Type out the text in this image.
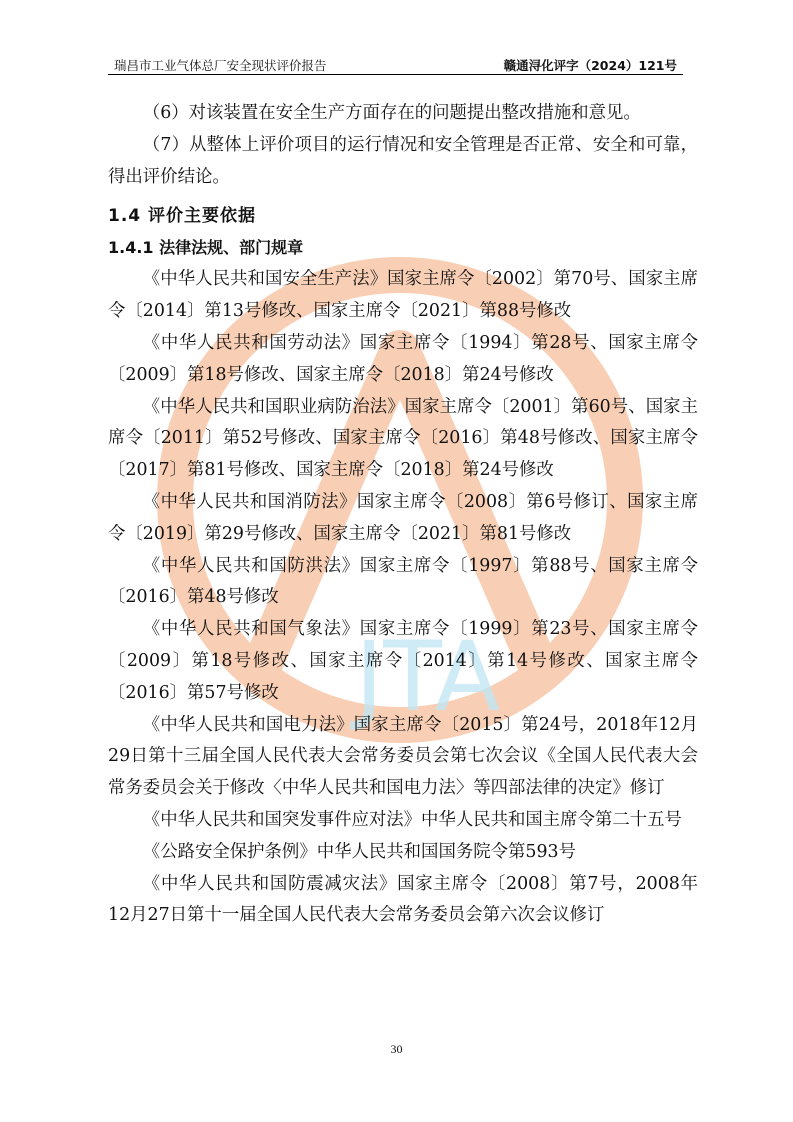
瑞昌市工业气体总厂安全现状评价报告	赣通浔化评字（2024）121号
JTA

（6）对该装置在安全生产方面存在的问题提出整改措施和意见。

（7）从整体上评价项目的运行情况和安全管理是否正常、安全和可靠，得出评价结论。

1.4 评价主要依据

1.4.1 法律法规、部门规章

《中华人民共和国安全生产法》国家主席令〔2002〕第70号、国家主席令〔2014〕第13号修改、国家主席令〔2021〕第88号修改

《中华人民共和国劳动法》国家主席令〔1994〕第28号、国家主席令〔2009〕第18号修改、国家主席令〔2018〕第24号修改

《中华人民共和国职业病防治法》国家主席令〔2001〕第60号、国家主席令〔2011〕第52号修改、国家主席令〔2016〕第48号修改、国家主席令〔2017〕第81号修改、国家主席令〔2018〕第24号修改

《中华人民共和国消防法》国家主席令〔2008〕第6号修订、国家主席令〔2019〕第29号修改、国家主席令〔2021〕第81号修改

《中华人民共和国防洪法》国家主席令〔1997〕第88号、国家主席令〔2016〕第48号修改

《中华人民共和国气象法》国家主席令〔1999〕第23号、国家主席令〔2009〕第18号修改、国家主席令〔2014〕第14号修改、国家主席令〔2016〕第57号修改

《中华人民共和国电力法》国家主席令〔2015〕第24号，2018年12月29日第十三届全国人民代表大会常务委员会第七次会议《全国人民代表大会常务委员会关于修改〈中华人民共和国电力法〉等四部法律的决定》修订

《中华人民共和国突发事件应对法》中华人民共和国主席令第二十五号

《公路安全保护条例》中华人民共和国国务院令第593号

《中华人民共和国防震减灾法》国家主席令〔2008〕第7号，2008年12月27日第十一届全国人民代表大会常务委员会第六次会议修订

30
